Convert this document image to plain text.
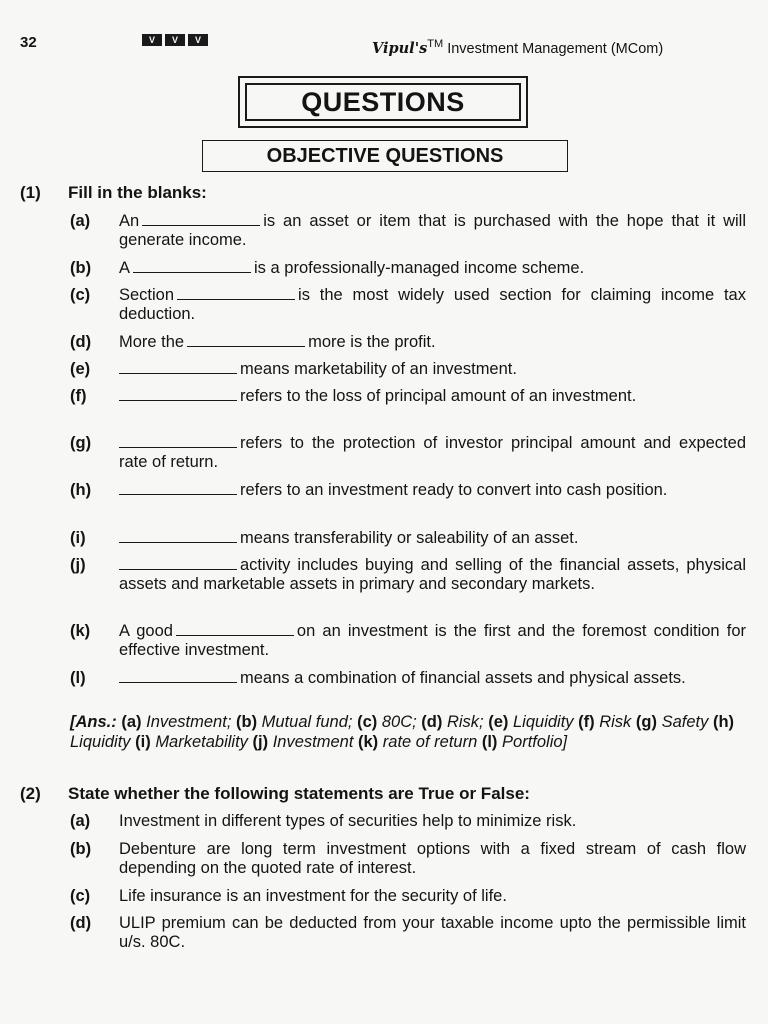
32	V	V	V	Vipul's™ Investment Management (MCom)
QUESTIONS
OBJECTIVE QUESTIONS
(1) Fill in the blanks:
(a) An	is an asset or item that is purchased with the hope that it will generate income.
(b) A	is a professionally-managed income scheme.
(c) Section	is the most widely used section for claiming income tax deduction.
(d) More the	more is the profit.
(e)	means marketability of an investment.
(f)	refers to the loss of principal amount of an investment.
(g)	refers to the protection of investor principal amount and expected rate of return.
(h)	refers to an investment ready to convert into cash position.
(i)	means transferability or saleability of an asset.
(j)	activity includes buying and selling of the financial assets, physical assets and marketable assets in primary and secondary markets.
(k) A good	on an investment is the first and the foremost condition for effective investment.
(l)	means a combination of financial assets and physical assets.
[Ans.: (a) Investment; (b) Mutual fund; (c) 80C; (d) Risk; (e) Liquidity (f) Risk (g) Safety (h) Liquidity (i) Marketability (j) Investment (k) rate of return (l) Portfolio]
(2) State whether the following statements are True or False:
(a) Investment in different types of securities help to minimize risk.
(b) Debenture are long term investment options with a fixed stream of cash flow depending on the quoted rate of interest.
(c) Life insurance is an investment for the security of life.
(d) ULIP premium can be deducted from your taxable income upto the permissible limit u/s. 80C.
